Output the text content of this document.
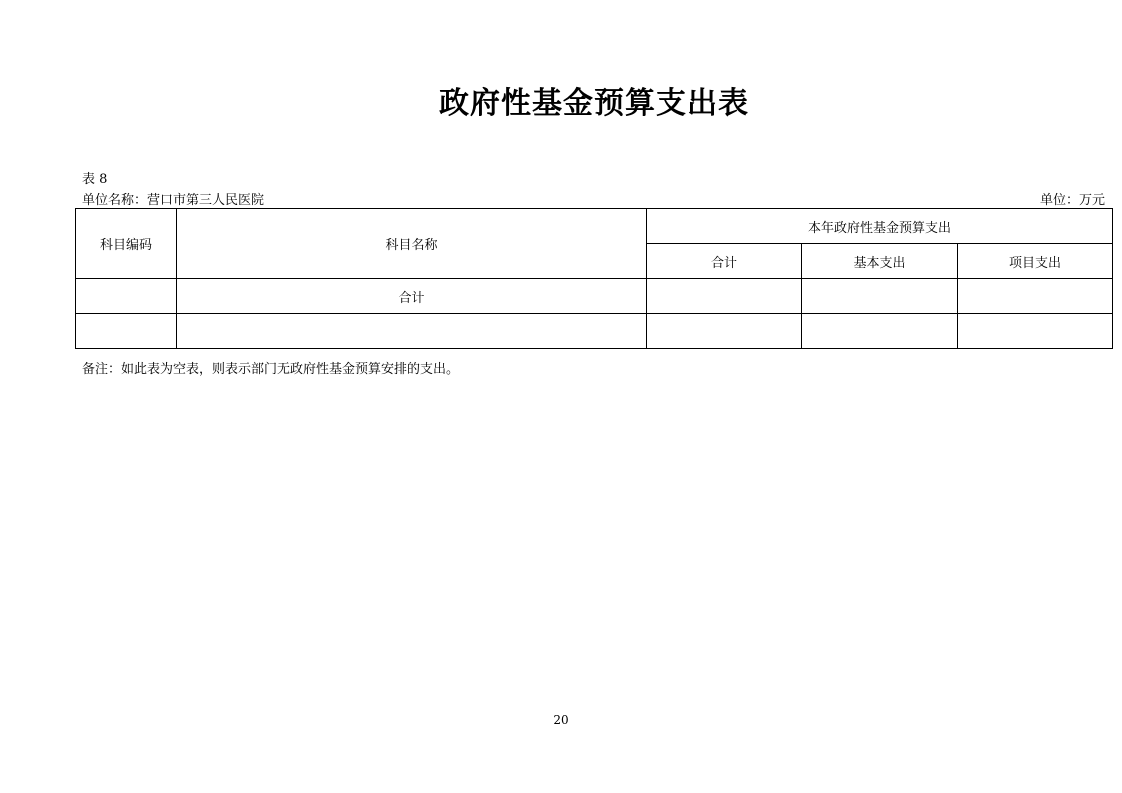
政府性基金预算支出表
表 8
单位名称：营口市第三人民医院	单位：万元
科目编码	科目名称	本年政府性基金预算支出		
		合计	基本支出	项目支出
	合计			

备注：如此表为空表，则表示部门无政府性基金预算安排的支出。
20
